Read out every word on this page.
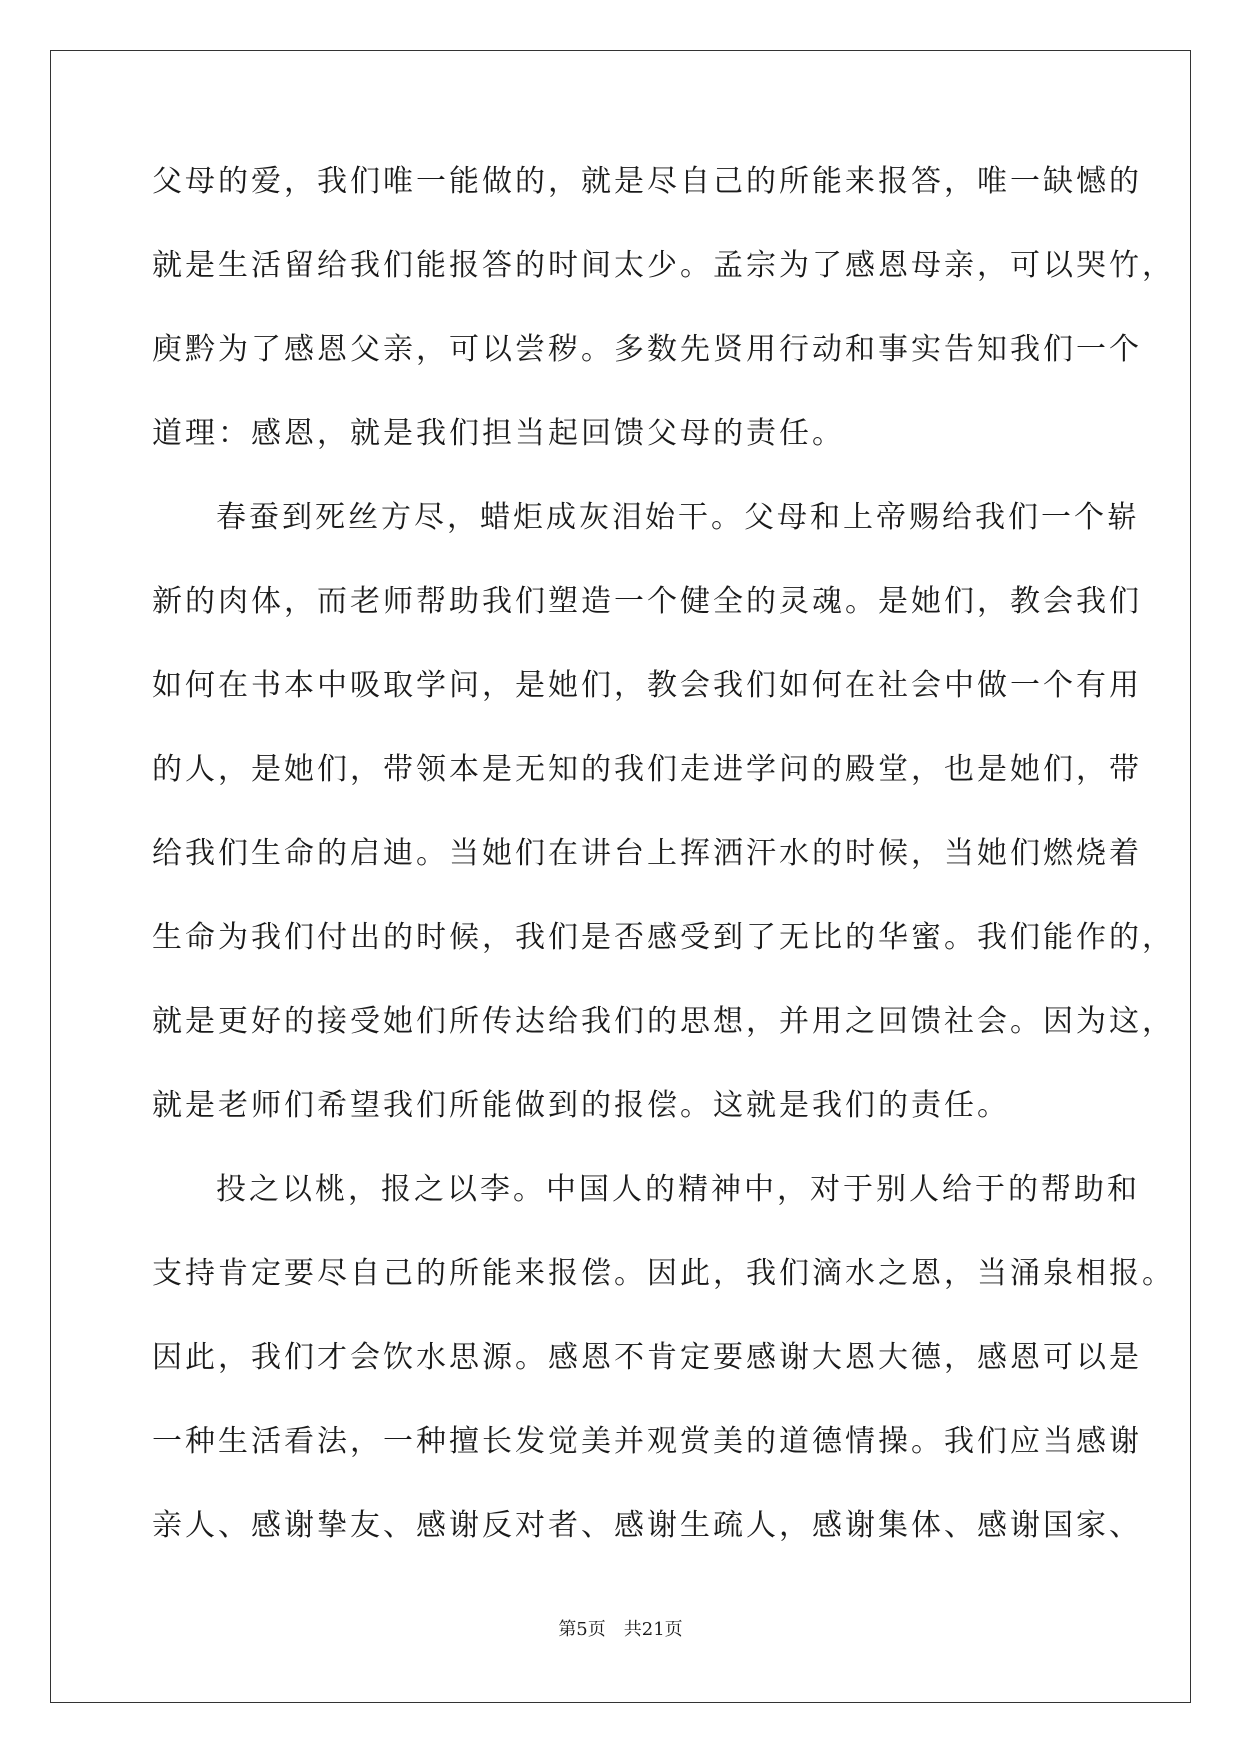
父母的爱，我们唯一能做的，就是尽自己的所能来报答，唯一缺憾的
就是生活留给我们能报答的时间太少。孟宗为了感恩母亲，可以哭竹，
庾黔为了感恩父亲，可以尝秽。多数先贤用行动和事实告知我们一个
道理：感恩，就是我们担当起回馈父母的责任。
春蚕到死丝方尽，蜡炬成灰泪始干。父母和上帝赐给我们一个崭
新的肉体，而老师帮助我们塑造一个健全的灵魂。是她们，教会我们
如何在书本中吸取学问，是她们，教会我们如何在社会中做一个有用
的人，是她们，带领本是无知的我们走进学问的殿堂，也是她们，带
给我们生命的启迪。当她们在讲台上挥洒汗水的时候，当她们燃烧着
生命为我们付出的时候，我们是否感受到了无比的华蜜。我们能作的，
就是更好的接受她们所传达给我们的思想，并用之回馈社会。因为这，
就是老师们希望我们所能做到的报偿。这就是我们的责任。
投之以桃，报之以李。中国人的精神中，对于别人给于的帮助和
支持肯定要尽自己的所能来报偿。因此，我们滴水之恩，当涌泉相报。
因此，我们才会饮水思源。感恩不肯定要感谢大恩大德，感恩可以是
一种生活看法，一种擅长发觉美并观赏美的道德情操。我们应当感谢
亲人、感谢挚友、感谢反对者、感谢生疏人，感谢集体、感谢国家、
第5页 共21页
